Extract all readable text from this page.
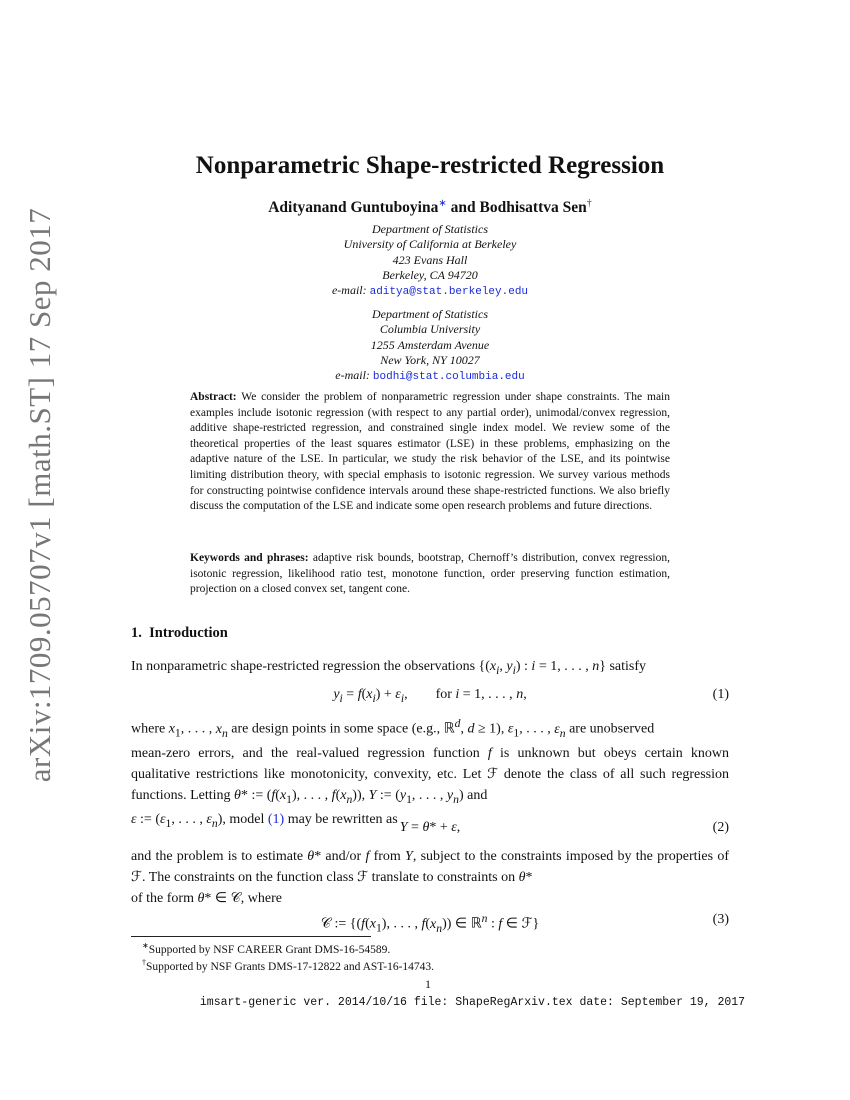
arXiv:1709.05707v1 [math.ST] 17 Sep 2017
Nonparametric Shape-restricted Regression
Adityanand Guntuboyina∗ and Bodhisattva Sen†
Department of Statistics
University of California at Berkeley
423 Evans Hall
Berkeley, CA 94720
e-mail: aditya@stat.berkeley.edu
Department of Statistics
Columbia University
1255 Amsterdam Avenue
New York, NY 10027
e-mail: bodhi@stat.columbia.edu
Abstract: We consider the problem of nonparametric regression under shape constraints. The main examples include isotonic regression (with respect to any partial order), unimodal/convex regression, additive shape-restricted regression, and constrained single index model. We review some of the theoretical properties of the least squares estimator (LSE) in these problems, emphasizing on the adaptive nature of the LSE. In particular, we study the risk behavior of the LSE, and its pointwise limiting distribution theory, with special emphasis to isotonic regression. We survey various methods for constructing pointwise confidence intervals around these shape-restricted functions. We also briefly discuss the computation of the LSE and indicate some open research problems and future directions.
Keywords and phrases: adaptive risk bounds, bootstrap, Chernoff’s distribution, convex regression, isotonic regression, likelihood ratio test, monotone function, order preserving function estimation, projection on a closed convex set, tangent cone.
1. Introduction
In nonparametric shape-restricted regression the observations {($x_i$, $y_i$) : i = 1, . . . , n} satisfy
$y_i = f(x_i) + \varepsilon_i$,        for i = 1, . . . , n,	(1)
where $x_1$, . . . , $x_n$ are design points in some space (e.g., ℝ$^d$, d ≥ 1), $\varepsilon_1$, . . . , $\varepsilon_n$ are unobserved
mean-zero errors, and the real-valued regression function f is unknown but obeys certain known qualitative restrictions like monotonicity, convexity, etc. Let ℱ denote the class of all such regression functions. Letting θ* := ($f(x_1)$, . . . , $f(x_n)$), Y := ($y_1$, . . . , $y_n$) and
ε := ($\varepsilon_1$, . . . , $\varepsilon_n$), model (1) may be rewritten as
Y = θ* + ε,	(2)
and the problem is to estimate θ* and/or f from Y, subject to the constraints imposed by the properties of ℱ. The constraints on the function class ℱ translate to constraints on θ*
of the form θ* ∈ 𝒞, where
𝒞 := {($f(x_1)$, . . . , $f(x_n)$) ∈ ℝ$^n$ : f ∈ ℱ}	(3)
∗Supported by NSF CAREER Grant DMS-16-54589.
†Supported by NSF Grants DMS-17-12822 and AST-16-14743.
1
imsart-generic ver. 2014/10/16 file: ShapeRegArxiv.tex date: September 19, 2017
